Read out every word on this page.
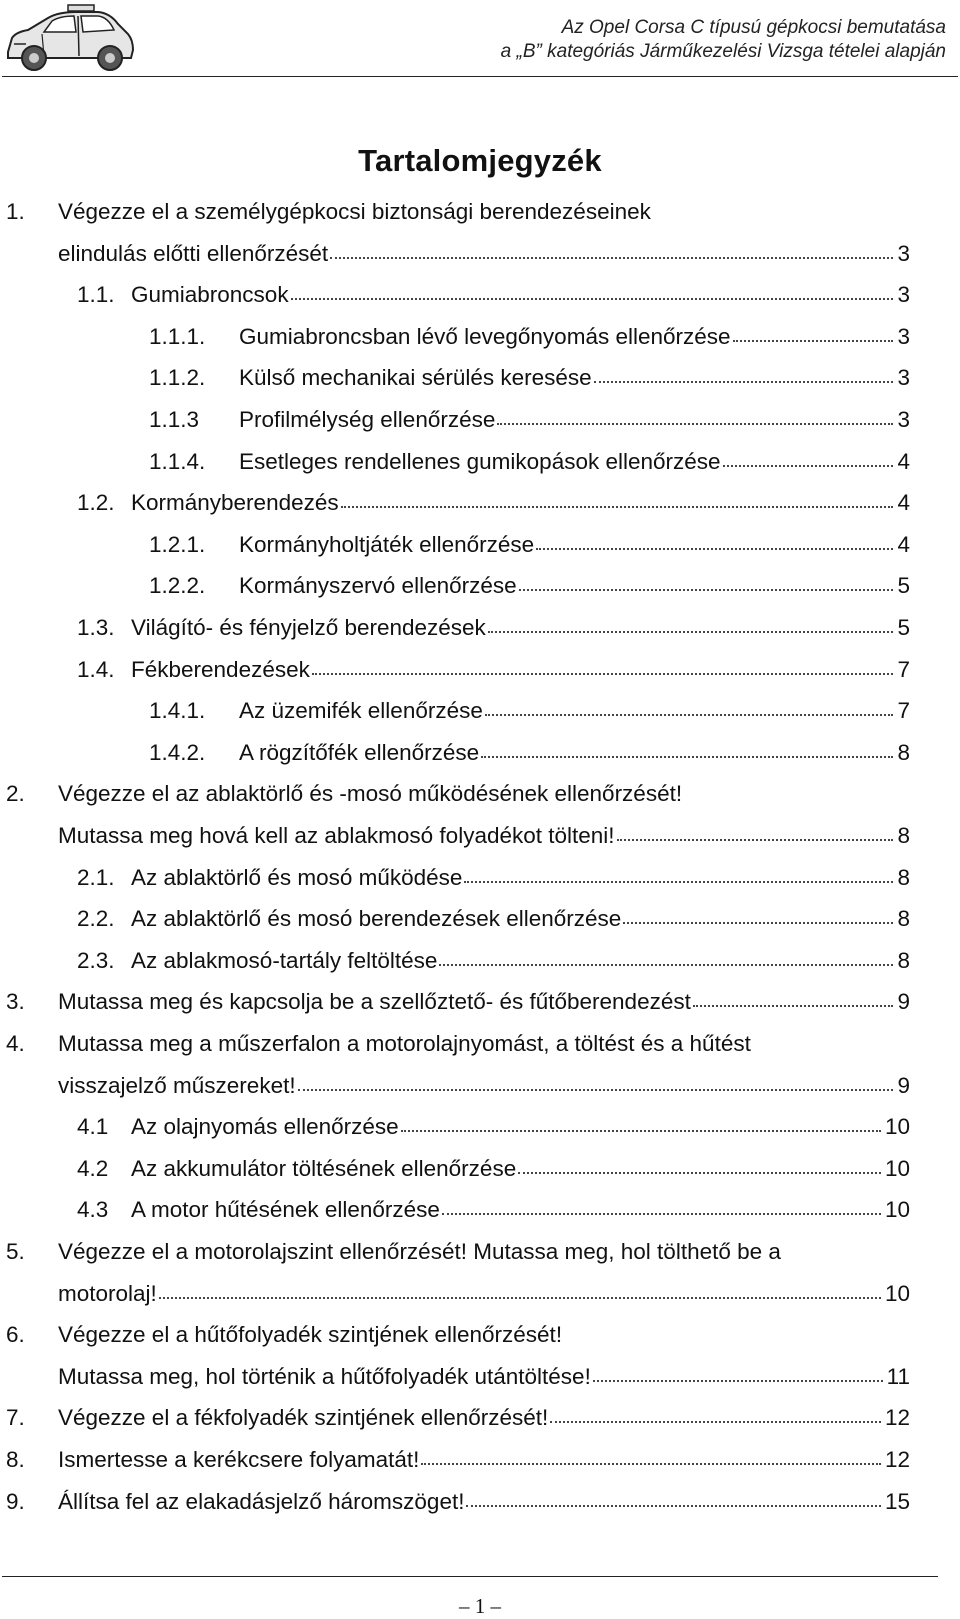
Az Opel Corsa C típusú gépkocsi bemutatása
a „B” kategóriás Járműkezelési Vizsga tételei alapján
Tartalomjegyzék
1.	Végezze el a személygépkocsi biztonsági berendezéseinek
elindulás előtti ellenőrzését	3
1.1. Gumiabroncsok	3
1.1.1.	Gumiabroncsban lévő levegőnyomás ellenőrzése	3
1.1.2.	Külső mechanikai sérülés keresése	3
1.1.3	Profilmélység ellenőrzése	3
1.1.4.	Esetleges rendellenes gumikopások ellenőrzése	4
1.2. Kormányberendezés	4
1.2.1.	Kormányholtjáték ellenőrzése	4
1.2.2.	Kormányszervó ellenőrzése	5
1.3. Világító- és fényjelző berendezések	5
1.4. Fékberendezések	7
1.4.1.	Az üzemifék ellenőrzése	7
1.4.2.	A rögzítőfék ellenőrzése	8
2.	Végezze el az ablaktörlő és -mosó működésének ellenőrzését!
Mutassa meg hová kell az ablakmosó folyadékot tölteni!	8
2.1. Az ablaktörlő és mosó működése	8
2.2. Az ablaktörlő és mosó berendezések ellenőrzése	8
2.3. Az ablakmosó-tartály feltöltése	8
3.	Mutassa meg és kapcsolja be a szellőztető- és fűtőberendezést	9
4.	Mutassa meg a műszerfalon a motorolajnyomást, a töltést és a hűtést
visszajelző műszereket!	9
4.1	Az olajnyomás ellenőrzése	10
4.2	Az akkumulátor töltésének ellenőrzése	10
4.3	A motor hűtésének ellenőrzése	10
5.	Végezze el a motorolajszint ellenőrzését! Mutassa meg, hol tölthető be a
motorolaj!	10
6.	Végezze el a hűtőfolyadék szintjének ellenőrzését!
Mutassa meg, hol történik a hűtőfolyadék utántöltése!	11
7.	Végezze el a fékfolyadék szintjének ellenőrzését!	12
8.	Ismertesse a kerékcsere folyamatát!	12
9.	Állítsa fel az elakadásjelző háromszöget!	15
– 1 –
